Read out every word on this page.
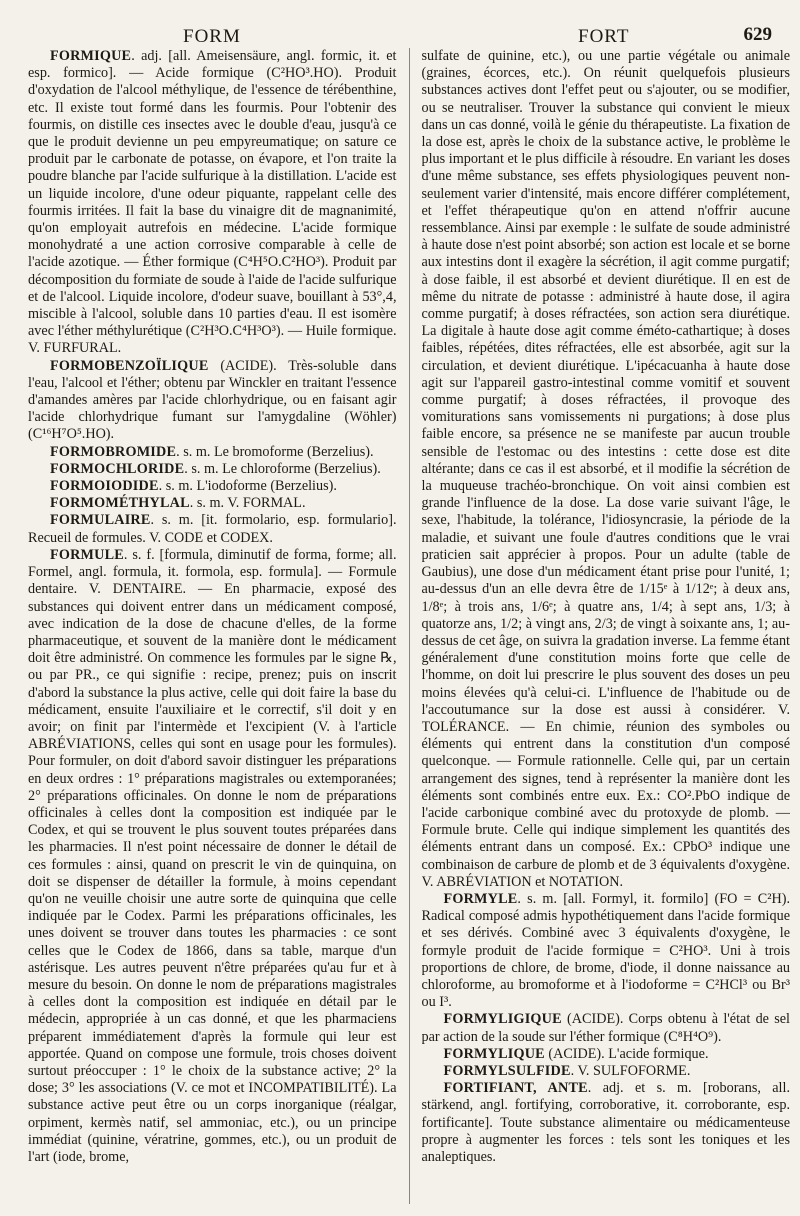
FORM	FORT	629

FORMIQUE. adj. [all. Ameisensäure, angl. formic, it. et esp. formico]. — Acide formique (C²HO³.HO). Produit d'oxydation de l'alcool méthylique, de l'essence de térébenthine, etc. Il existe tout formé dans les fourmis. Pour l'obtenir des fourmis, on distille ces insectes avec le double d'eau, jusqu'à ce que le produit devienne un peu empyreumatique; on sature ce produit par le carbonate de potasse, on évapore, et l'on traite la poudre blanche par l'acide sulfurique à la distillation. L'acide est un liquide incolore, d'une odeur piquante, rappelant celle des fourmis irritées. Il fait la base du vinaigre dit de magnanimité, qu'on employait autrefois en médecine. L'acide formique monohydraté a une action corrosive comparable à celle de l'acide azotique. — Éther formique (C⁴H⁵O.C²HO³). Produit par décomposition du formiate de soude à l'aide de l'acide sulfurique et de l'alcool. Liquide incolore, d'odeur suave, bouillant à 53°,4, miscible à l'alcool, soluble dans 10 parties d'eau. Il est isomère avec l'éther méthylurétique (C²H³O.C⁴H³O³). — Huile formique. V. FURFURAL.

FORMOBENZOÏLIQUE (ACIDE). Très-soluble dans l'eau, l'alcool et l'éther; obtenu par Winckler en traitant l'essence d'amandes amères par l'acide chlorhydrique, ou en faisant agir l'acide chlorhydrique fumant sur l'amygdaline (Wöhler) (C¹⁶H⁷O⁵.HO).

FORMOBROMIDE. s. m. Le bromoforme (Berzelius).

FORMOCHLORIDE. s. m. Le chloroforme (Berzelius).

FORMOIODIDE. s. m. L'iodoforme (Berzelius).

FORMOMÉTHYLAL. s. m. V. FORMAL.

FORMULAIRE. s. m. [it. formolario, esp. formulario]. Recueil de formules. V. CODE et CODEX.

FORMULE. s. f. [formula, diminutif de forma, forme; all. Formel, angl. formula, it. formola, esp. formula]. — Formule dentaire. V. DENTAIRE. — En pharmacie, exposé des substances qui doivent entrer dans un médicament composé, avec indication de la dose de chacune d'elles, de la forme pharmaceutique, et souvent de la manière dont le médicament doit être administré. On commence les formules par le signe ℞, ou par PR., ce qui signifie : recipe, prenez; puis on inscrit d'abord la substance la plus active, celle qui doit faire la base du médicament, ensuite l'auxiliaire et le correctif, s'il doit y en avoir; on finit par l'intermède et l'excipient (V. à l'article ABRÉVIATIONS, celles qui sont en usage pour les formules). Pour formuler, on doit d'abord savoir distinguer les préparations en deux ordres : 1° préparations magistrales ou extemporanées; 2° préparations officinales. On donne le nom de préparations officinales à celles dont la composition est indiquée par le Codex, et qui se trouvent le plus souvent toutes préparées dans les pharmacies. Il n'est point nécessaire de donner le détail de ces formules : ainsi, quand on prescrit le vin de quinquina, on doit se dispenser de détailler la formule, à moins cependant qu'on ne veuille choisir une autre sorte de quinquina que celle indiquée par le Codex. Parmi les préparations officinales, les unes doivent se trouver dans toutes les pharmacies : ce sont celles que le Codex de 1866, dans sa table, marque d'un astérisque. Les autres peuvent n'être préparées qu'au fur et à mesure du besoin. On donne le nom de préparations magistrales à celles dont la composition est indiquée en détail par le médecin, appropriée à un cas donné, et que les pharmaciens préparent immédiatement d'après la formule qui leur est apportée. Quand on compose une formule, trois choses doivent surtout préoccuper : 1° le choix de la substance active; 2° la dose; 3° les associations (V. ce mot et INCOMPATIBILITÉ). La substance active peut être ou un corps inorganique (réalgar, orpiment, kermès natif, sel ammoniac, etc.), ou un principe immédiat (quinine, vératrine, gommes, etc.), ou un produit de l'art (iode, brome,

sulfate de quinine, etc.), ou une partie végétale ou animale (graines, écorces, etc.). On réunit quelquefois plusieurs substances actives dont l'effet peut ou s'ajouter, ou se modifier, ou se neutraliser. Trouver la substance qui convient le mieux dans un cas donné, voilà le génie du thérapeutiste. La fixation de la dose est, après le choix de la substance active, le problème le plus important et le plus difficile à résoudre. En variant les doses d'une même substance, ses effets physiologiques peuvent non-seulement varier d'intensité, mais encore différer complétement, et l'effet thérapeutique qu'on en attend n'offrir aucune ressemblance. Ainsi par exemple : le sulfate de soude administré à haute dose n'est point absorbé; son action est locale et se borne aux intestins dont il exagère la sécrétion, il agit comme purgatif; à dose faible, il est absorbé et devient diurétique. Il en est de même du nitrate de potasse : administré à haute dose, il agira comme purgatif; à doses réfractées, son action sera diurétique. La digitale à haute dose agit comme éméto-cathartique; à doses faibles, répétées, dites réfractées, elle est absorbée, agit sur la circulation, et devient diurétique. L'ipécacuanha à haute dose agit sur l'appareil gastro-intestinal comme vomitif et souvent comme purgatif; à doses réfractées, il provoque des vomiturations sans vomissements ni purgations; à dose plus faible encore, sa présence ne se manifeste par aucun trouble sensible de l'estomac ou des intestins : cette dose est dite altérante; dans ce cas il est absorbé, et il modifie la sécrétion de la muqueuse trachéo-bronchique. On voit ainsi combien est grande l'influence de la dose. La dose varie suivant l'âge, le sexe, l'habitude, la tolérance, l'idiosyncrasie, la période de la maladie, et suivant une foule d'autres conditions que le vrai praticien sait apprécier à propos. Pour un adulte (table de Gaubius), une dose d'un médicament étant prise pour l'unité, 1; au-dessus d'un an elle devra être de 1/15ᵉ à 1/12ᵉ; à deux ans, 1/8ᵉ; à trois ans, 1/6ᵉ; à quatre ans, 1/4; à sept ans, 1/3; à quatorze ans, 1/2; à vingt ans, 2/3; de vingt à soixante ans, 1; au-dessus de cet âge, on suivra la gradation inverse. La femme étant généralement d'une constitution moins forte que celle de l'homme, on doit lui prescrire le plus souvent des doses un peu moins élevées qu'à celui-ci. L'influence de l'habitude ou de l'accoutumance sur la dose est aussi à considérer. V. TOLÉRANCE. — En chimie, réunion des symboles ou éléments qui entrent dans la constitution d'un composé quelconque. — Formule rationnelle. Celle qui, par un certain arrangement des signes, tend à représenter la manière dont les éléments sont combinés entre eux. Ex.: CO².PbO indique de l'acide carbonique combiné avec du protoxyde de plomb. — Formule brute. Celle qui indique simplement les quantités des éléments entrant dans un composé. Ex.: CPbO³ indique une combinaison de carbure de plomb et de 3 équivalents d'oxygène. V. ABRÉVIATION et NOTATION.

FORMYLE. s. m. [all. Formyl, it. formilo] (FO = C²H). Radical composé admis hypothétiquement dans l'acide formique et ses dérivés. Combiné avec 3 équivalents d'oxygène, le formyle produit de l'acide formique = C²HO³. Uni à trois proportions de chlore, de brome, d'iode, il donne naissance au chloroforme, au bromoforme et à l'iodoforme = C²HCl³ ou Br³ ou I³.

FORMYLIGIQUE (ACIDE). Corps obtenu à l'état de sel par action de la soude sur l'éther formique (C⁸H⁴O⁹).

FORMYLIQUE (ACIDE). L'acide formique.

FORMYLSULFIDE. V. SULFOFORME.

FORTIFIANT, ANTE. adj. et s. m. [roborans, all. stärkend, angl. fortifying, corroborative, it. corroborante, esp. fortificante]. Toute substance alimentaire ou médicamenteuse propre à augmenter les forces : tels sont les toniques et les analeptiques.
